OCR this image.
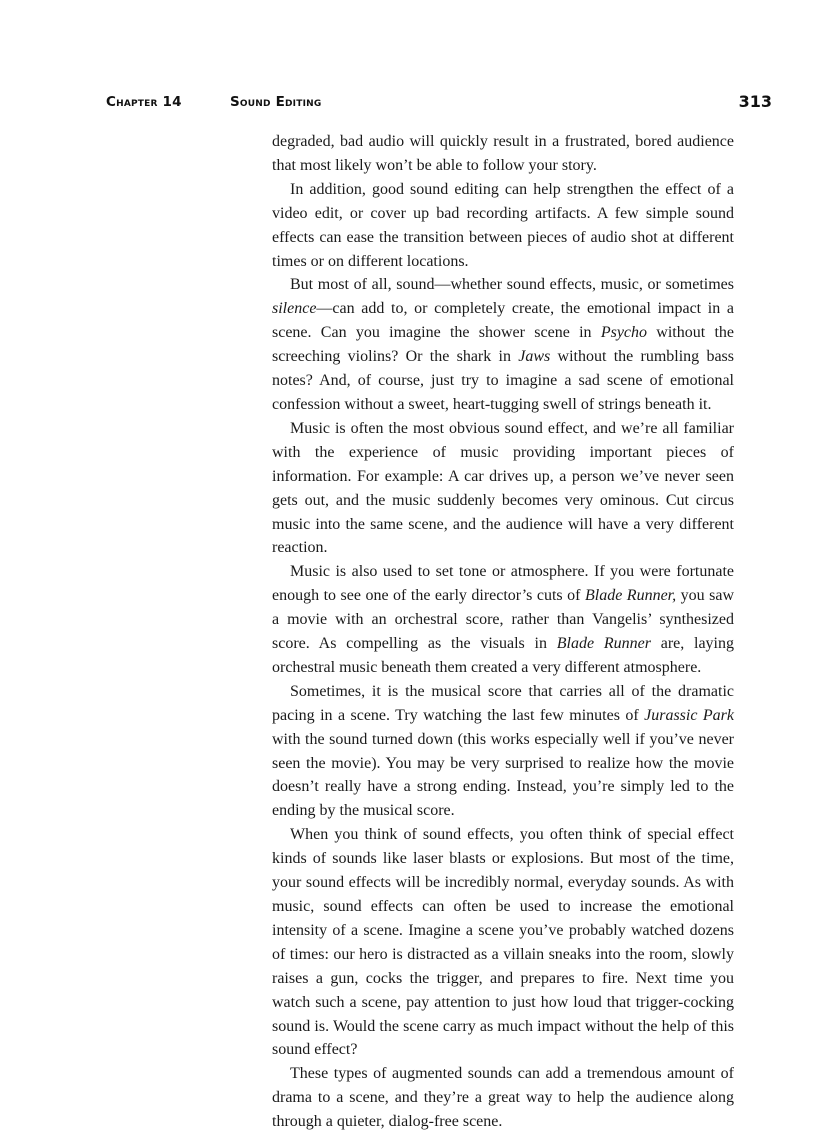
Chapter 14	Sound Editing	313

degraded, bad audio will quickly result in a frustrated, bored audience that most likely won’t be able to follow your story.

In addition, good sound editing can help strengthen the effect of a video edit, or cover up bad recording artifacts. A few simple sound effects can ease the transition between pieces of audio shot at different times or on different locations.

But most of all, sound—whether sound effects, music, or sometimes silence—can add to, or completely create, the emotional impact in a scene. Can you imagine the shower scene in Psycho without the screeching violins? Or the shark in Jaws without the rumbling bass notes? And, of course, just try to imagine a sad scene of emotional confession without a sweet, heart-tugging swell of strings beneath it.

Music is often the most obvious sound effect, and we’re all familiar with the experience of music providing important pieces of information. For example: A car drives up, a person we’ve never seen gets out, and the music suddenly becomes very ominous. Cut circus music into the same scene, and the audience will have a very different reaction.

Music is also used to set tone or atmosphere. If you were fortunate enough to see one of the early director’s cuts of Blade Runner, you saw a movie with an orchestral score, rather than Vangelis’ synthesized score. As compelling as the visuals in Blade Runner are, laying orchestral music beneath them created a very different atmosphere.

Sometimes, it is the musical score that carries all of the dramatic pacing in a scene. Try watching the last few minutes of Jurassic Park with the sound turned down (this works especially well if you’ve never seen the movie). You may be very surprised to realize how the movie doesn’t really have a strong ending. Instead, you’re simply led to the ending by the musical score.

When you think of sound effects, you often think of special effect kinds of sounds like laser blasts or explosions. But most of the time, your sound effects will be incredibly normal, everyday sounds. As with music, sound effects can often be used to increase the emotional intensity of a scene. Imagine a scene you’ve probably watched dozens of times: our hero is distracted as a villain sneaks into the room, slowly raises a gun, cocks the trigger, and prepares to fire. Next time you watch such a scene, pay attention to just how loud that trigger-cocking sound is. Would the scene carry as much impact without the help of this sound effect?

These types of augmented sounds can add a tremendous amount of drama to a scene, and they’re a great way to help the audience along through a quieter, dialog-free scene.
